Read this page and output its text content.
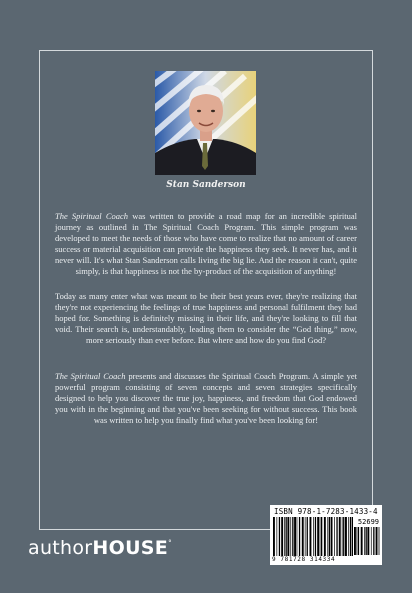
Stan Sanderson
The Spiritual Coach was written to provide a road map for an incredible spiritual journey as outlined in The Spiritual Coach Program. This simple program was developed to meet the needs of those who have come to realize that no amount of career success or material acquisition can provide the happiness they seek. It never has, and it never will. It's what Stan Sanderson calls living the big lie. And the reason it can't, quite simply, is that happiness is not the by-product of the acquisition of anything!
Today as many enter what was meant to be their best years ever, they're realizing that they're not experiencing the feelings of true happiness and personal fulfilment they had hoped for. Something is definitely missing in their life, and they're looking to fill that void. Their search is, understandably, leading them to consider the “God thing,” now, more seriously than ever before. But where and how do you find God?
The Spiritual Coach presents and discusses the Spiritual Coach Program. A simple yet powerful program consisting of seven concepts and seven strategies specifically designed to help you discover the true joy, happiness, and freedom that God endowed you with in the beginning and that you've been seeking for without success. This book was written to help you finally find what you've been looking for!
ISBN 978-1-7283-1433-4
52699
9 781728 314334
authorHOUSE°
